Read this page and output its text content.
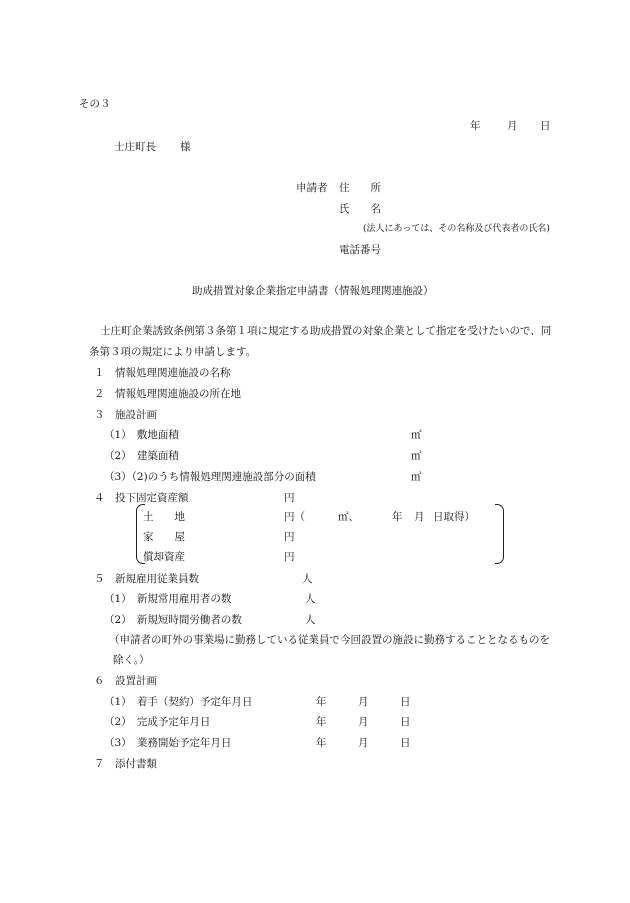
その３
年	月 日
士庄町長 様
申請者 住　　所
氏　　名
(法人にあっては、その名称及び代表者の氏名)
電話番号
助成措置対象企業指定申請書（情報処理関連施設）
士庄町企業誘致条例第３条第１項に規定する助成措置の対象企業として指定を受けたいので、同
条第３項の規定により申請します。
１　情報処理関連施設の名称
２　情報処理関連施設の所在地
３　施設計画
（1）　敷地面積	㎡
（2）　建築面積	㎡
（3）（2)のうち情報処理関連施設部分の面積	㎡
４　投下固定資産額	円
土　　地	円（	㎡、	年 月 日取得）
家　　屋	円
償却資産	円
５　新規雇用従業員数	人
（1）　新規常用雇用者の数	人
（2）　新規短時間労働者の数	人
（申請者の町外の事業場に勤務している従業員で今回設置の施設に勤務することとなるものを
除く。）
６　設置計画
（1）　着手（契約）予定年月日	年	月	日
（2）　完成予定年月日	年	月	日
（3）　業務開始予定年月日	年	月	日
７　添付書類
